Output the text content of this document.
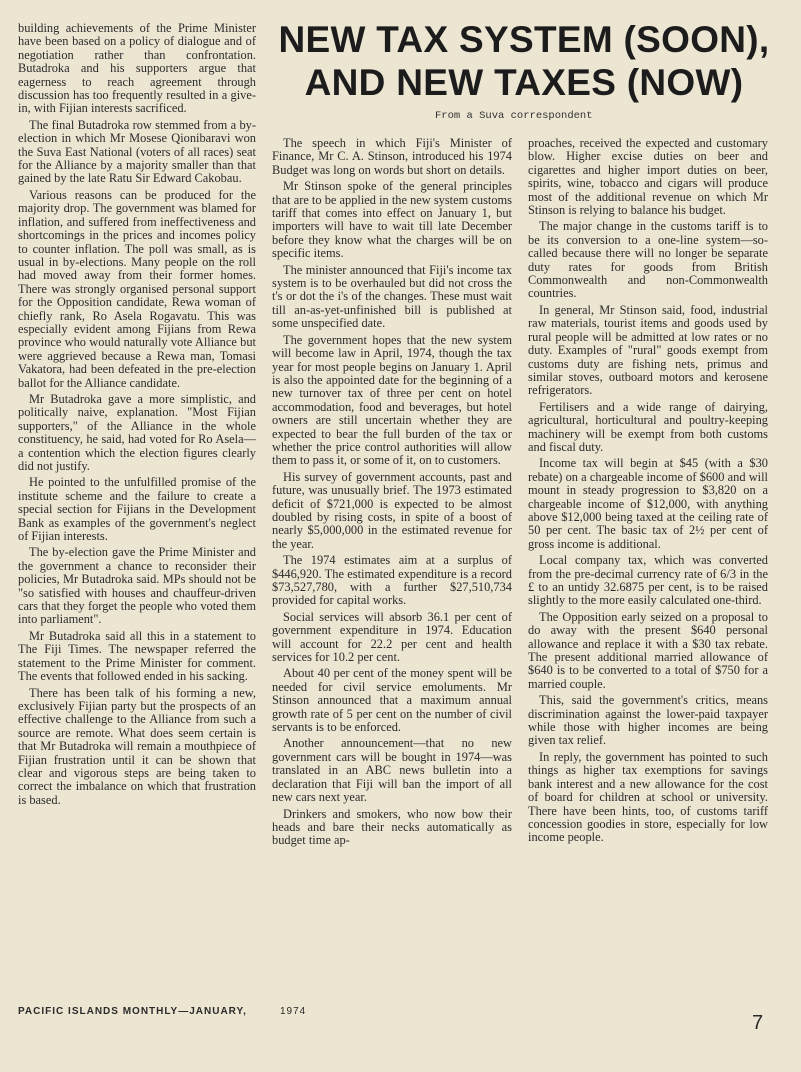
building achievements of the Prime Minister have been based on a policy of dialogue and of negotiation rather than confrontation. Butadroka and his supporters argue that eagerness to reach agreement through discussion has too frequently resulted in a give-in, with Fijian interests sacrificed.

The final Butadroka row stemmed from a by-election in which Mr Mosese Qionibaravi won the Suva East National (voters of all races) seat for the Alliance by a majority smaller than that gained by the late Ratu Sir Edward Cakobau.

Various reasons can be produced for the majority drop. The government was blamed for inflation, and suffered from ineffectiveness and shortcomings in the prices and incomes policy to counter inflation. The poll was small, as is usual in by-elections. Many people on the roll had moved away from their former homes. There was strongly organised personal support for the Opposition candidate, Rewa woman of chiefly rank, Ro Asela Rogavatu. This was especially evident among Fijians from Rewa province who would naturally vote Alliance but were aggrieved because a Rewa man, Tomasi Vakatora, had been defeated in the pre-election ballot for the Alliance candidate.

Mr Butadroka gave a more simplistic, and politically naive, explanation. "Most Fijian supporters," of the Alliance in the whole constituency, he said, had voted for Ro Asela—a contention which the election figures clearly did not justify.

He pointed to the unfulfilled promise of the institute scheme and the failure to create a special section for Fijians in the Development Bank as examples of the government's neglect of Fijian interests.

The by-election gave the Prime Minister and the government a chance to reconsider their policies, Mr Butadroka said. MPs should not be "so satisfied with houses and chauffeur-driven cars that they forget the people who voted them into parliament".

Mr Butadroka said all this in a statement to The Fiji Times. The newspaper referred the statement to the Prime Minister for comment. The events that followed ended in his sacking.

There has been talk of his forming a new, exclusively Fijian party but the prospects of an effective challenge to the Alliance from such a source are remote. What does seem certain is that Mr Butadroka will remain a mouthpiece of Fijian frustration until it can be shown that clear and vigorous steps are being taken to correct the imbalance on which that frustration is based.

NEW TAX SYSTEM (SOON),
AND NEW TAXES (NOW)
From a Suva correspondent

The speech in which Fiji's Minister of Finance, Mr C. A. Stinson, introduced his 1974 Budget was long on words but short on details.

Mr Stinson spoke of the general principles that are to be applied in the new system customs tariff that comes into effect on January 1, but importers will have to wait till late December before they know what the charges will be on specific items.

The minister announced that Fiji's income tax system is to be overhauled but did not cross the t's or dot the i's of the changes. These must wait till an-as-yet-unfinished bill is published at some unspecified date.

The government hopes that the new system will become law in April, 1974, though the tax year for most people begins on January 1. April is also the appointed date for the beginning of a new turnover tax of three per cent on hotel accommodation, food and beverages, but hotel owners are still uncertain whether they are expected to bear the full burden of the tax or whether the price control authorities will allow them to pass it, or some of it, on to customers.

His survey of government accounts, past and future, was unusually brief. The 1973 estimated deficit of $721,000 is expected to be almost doubled by rising costs, in spite of a boost of nearly $5,000,000 in the estimated revenue for the year.

The 1974 estimates aim at a surplus of $446,920. The estimated expenditure is a record $73,527,780, with a further $27,510,734 provided for capital works.

Social services will absorb 36.1 per cent of government expenditure in 1974. Education will account for 22.2 per cent and health services for 10.2 per cent.

About 40 per cent of the money spent will be needed for civil service emoluments. Mr Stinson announced that a maximum annual growth rate of 5 per cent on the number of civil servants is to be enforced.

Another announcement—that no new government cars will be bought in 1974—was translated in an ABC news bulletin into a declaration that Fiji will ban the import of all new cars next year.

Drinkers and smokers, who now bow their heads and bare their necks automatically as budget time ap-

proaches, received the expected and customary blow. Higher excise duties on beer and cigarettes and higher import duties on beer, spirits, wine, tobacco and cigars will produce most of the additional revenue on which Mr Stinson is relying to balance his budget.

The major change in the customs tariff is to be its conversion to a one-line system—so-called because there will no longer be separate duty rates for goods from British Commonwealth and non-Commonwealth countries.

In general, Mr Stinson said, food, industrial raw materials, tourist items and goods used by rural people will be admitted at low rates or no duty. Examples of "rural" goods exempt from customs duty are fishing nets, primus and similar stoves, outboard motors and kerosene refrigerators.

Fertilisers and a wide range of dairying, agricultural, horticultural and poultry-keeping machinery will be exempt from both customs and fiscal duty.

Income tax will begin at $45 (with a $30 rebate) on a chargeable income of $600 and will mount in steady progression to $3,820 on a chargeable income of $12,000, with anything above $12,000 being taxed at the ceiling rate of 50 per cent. The basic tax of 2½ per cent of gross income is additional.

Local company tax, which was converted from the pre-decimal currency rate of 6/3 in the £ to an untidy 32.6875 per cent, is to be raised slightly to the more easily calculated one-third.

The Opposition early seized on a proposal to do away with the present $640 personal allowance and replace it with a $30 tax rebate. The present additional married allowance of $640 is to be converted to a total of $750 for a married couple.

This, said the government's critics, means discrimination against the lower-paid taxpayer while those with higher incomes are being given tax relief.

In reply, the government has pointed to such things as higher tax exemptions for savings bank interest and a new allowance for the cost of board for children at school or university. There have been hints, too, of customs tariff concession goodies in store, especially for low income people.

PACIFIC ISLANDS MONTHLY—JANUARY,	1974
7
